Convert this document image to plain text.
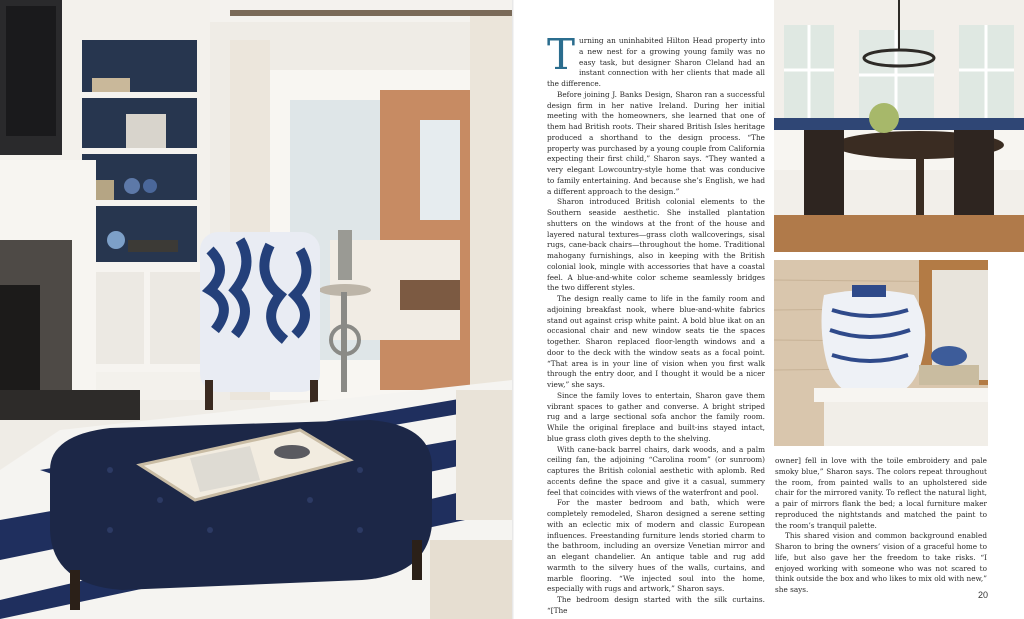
Turning an uninhabited Hilton Head property into a new nest for a growing young family was no easy task, but designer Sharon Cleland had an instant connection with her clients that made all the difference.

Before joining J. Banks Design, Sharon ran a successful design firm in her native Ireland. During her initial meeting with the homeowners, she learned that one of them had British roots. Their shared British Isles heritage produced a shorthand to the design process. “The property was purchased by a young couple from California expecting their first child,” Sharon says. “They wanted a very elegant Lowcountry-style home that was conducive to family entertaining. And because she’s English, we had a different approach to the design.”

Sharon introduced British colonial elements to the Southern seaside aesthetic. She installed plantation shutters on the windows at the front of the house and layered natural textures—grass cloth wallcoverings, sisal rugs, cane-back chairs—throughout the home. Traditional mahogany furnishings, also in keeping with the British colonial look, mingle with accessories that have a coastal feel. A blue-and-white color scheme seamlessly bridges the two different styles.

The design really came to life in the family room and adjoining breakfast nook, where blue-and-white fabrics stand out against crisp white paint. A bold blue ikat on an occasional chair and new window seats tie the spaces together. Sharon replaced floor-length windows and a door to the deck with the window seats as a focal point. “That area is in your line of vision when you first walk through the entry door, and I thought it would be a nicer view,” she says.

Since the family loves to entertain, Sharon gave them vibrant spaces to gather and converse. A bright striped rug and a large sectional sofa anchor the family room. While the original fireplace and built-ins stayed intact, blue grass cloth gives depth to the shelving.

With cane-back barrel chairs, dark woods, and a palm ceiling fan, the adjoining “Carolina room” (or sunroom) captures the British colonial aesthetic with aplomb. Red accents define the space and give it a casual, summery feel that coincides with views of the waterfront and pool.

For the master bedroom and bath, which were completely remodeled, Sharon designed a serene setting with an eclectic mix of modern and classic European influences. Freestanding furniture lends storied charm to the bathroom, including an oversize Venetian mirror and an elegant chandelier. An antique table and rug add warmth to the silvery hues of the walls, curtains, and marble flooring. “We injected soul into the home, especially with rugs and artwork,” Sharon says.

The bedroom design started with the silk curtains. “[The

owner] fell in love with the toile embroidery and pale smoky blue,” Sharon says. The colors repeat throughout the room, from painted walls to an upholstered side chair for the mirrored vanity. To reflect the natural light, a pair of mirrors flank the bed; a local furniture maker reproduced the nightstands and matched the paint to the room’s tranquil palette.

This shared vision and common background enabled Sharon to bring the owners’ vision of a graceful home to life, but also gave her the freedom to take risks. “I enjoyed working with someone who was not scared to think outside the box and who likes to mix old with new,” she says.

20
